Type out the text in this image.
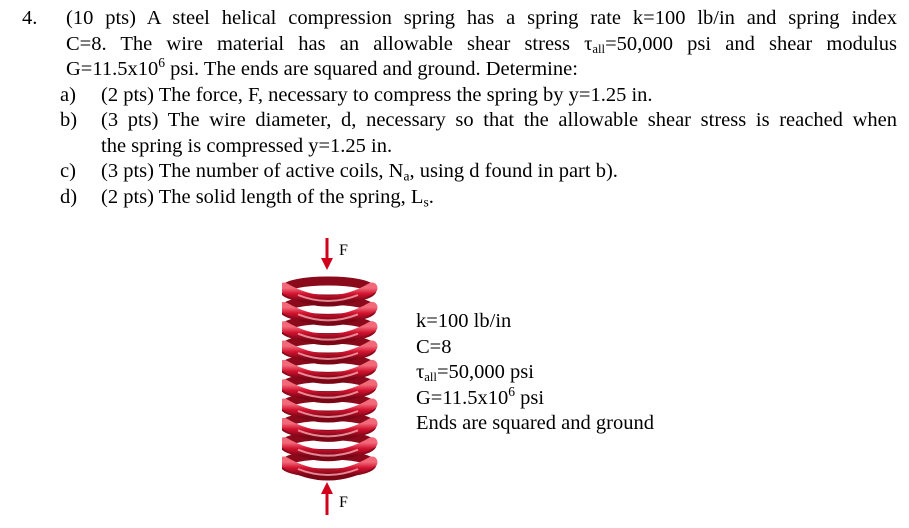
4. (10 pts) A steel helical compression spring has a spring rate k=100 lb/in and spring index
C=8. The wire material has an allowable shear stress $\tau_{all}=50,000$ psi and shear modulus
$G=11.5x10^6$ psi. The ends are squared and ground. Determine:
a) (2 pts) The force, F, necessary to compress the spring by y=1.25 in.
b) (3 pts) The wire diameter, d, necessary so that the allowable shear stress is reached when
the spring is compressed y=1.25 in.
c) (3 pts) The number of active coils, $N_a$, using d found in part b).
d) (2 pts) The solid length of the spring, $L_s$.
F
F
k=100 lb/in
C=8
$\tau_{all}=50,000$ psi
$G=11.5x10^6$ psi
Ends are squared and ground
